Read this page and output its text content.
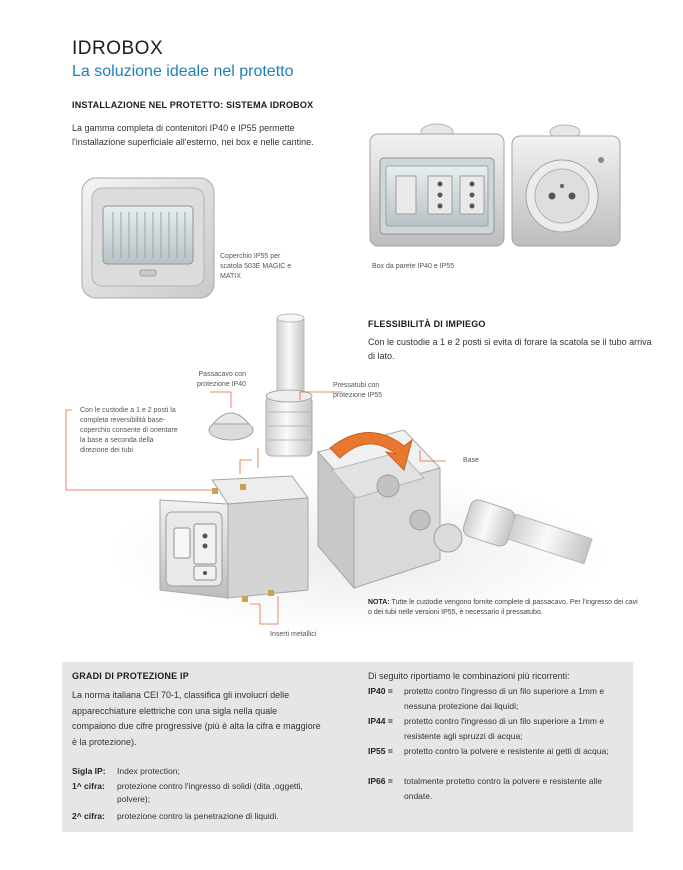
IDROBOX
La soluzione ideale nel protetto
INSTALLAZIONE NEL PROTETTO: SISTEMA IDROBOX
La gamma completa di contenitori IP40 e IP55 permette l'installazione superficiale all'esterno, nei box e nelle cantine.
Coperchio IP55 per scatola 503E MAGIC e MATIX
Box da parete IP40 e IP55
FLESSIBILITÀ DI IMPIEGO
Con le custodie a 1 e 2 posti si evita di forare la scatola se il tubo arriva di lato.
Passacavo con protezione IP40	Pressatubi con protezione IP55
Con le custodie a 1 e 2 posti la completa reversibilità base-coperchio consente di orientare la base a seconda della direzione dei tubi
Base
Inserti metallici
NOTA: Tutte le custodie vengono fornite complete di passacavo. Per l'ingresso dei cavi o dei tubi nelle versioni IP55, è necessario il pressatubo.
GRADI DI PROTEZIONE IP
La norma italiana CEI 70-1, classifica gli involucri delle apparecchiature elettriche con una sigla nella quale compaiono due cifre progressive (più è alta la cifra e maggiore è la protezione).
Sigla IP:	Index protection;
1^ cifra:	protezione contro l'ingresso di solidi (dita ,oggetti, polvere);
2^ cifra:	protezione contro la penetrazione di liquidi.
Di seguito riportiamo le combinazioni più ricorrenti:
IP40 =	protetto contro l'ingresso di un filo superiore a 1mm e nessuna protezione dai liquidi;
IP44 =	protetto contro l'ingresso di un filo superiore a 1mm e resistente agli spruzzi di acqua;
IP55 =	protetto contro la polvere e resistente ai getti di acqua;
IP66 =	totalmente protetto contro la polvere e resistente alle ondate.
